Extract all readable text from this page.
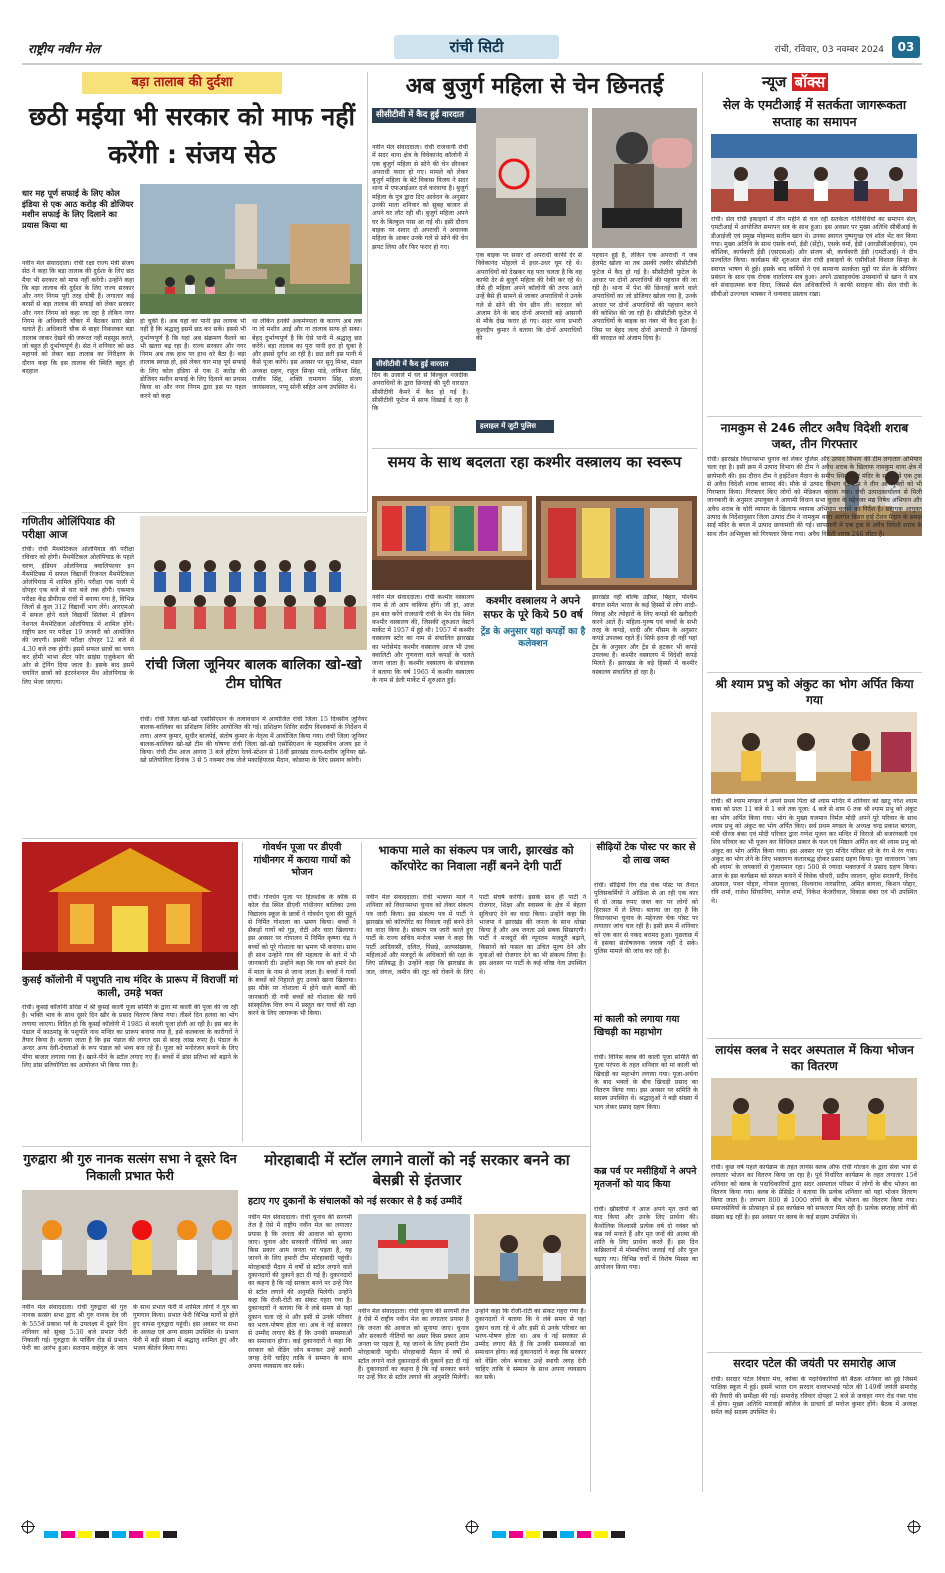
राष्ट्रीय नवीन मेल	रांची सिटी	रांची, रविवार, 03 नवम्बर 2024	03
बड़ा तालाब की दुर्दशा
छठी मईया भी सरकार को माफ नहीं करेंगी : संजय सेठ
धार मह पूर्ण सफाई के लिए कोल इंडिया से एक आठ करोड़ की डोजियर मशीन सफाई के लिए दिलाने का प्रयास किया था
नवीन मेल संवाददाता। रांची रक्षा राज्य मंत्री संजय सेठ ने कहा कि बड़ा तालाब की दुर्दशा के लिए छठ मैया भी सरकार को माफ नहीं करेंगी। उन्होंने कहा कि बड़ा तालाब की दुर्दशा के लिए राज्य सरकार और नगर निगम पूरी तरह दोषी हैं। लगातार कई बरसों से बड़ा तालाब की सफाई को लेकर सरकार और नगर निगम को कहा जा रहा है लेकिन नगर निगम के अधिकारी चौकर में बैठकर सारा खेल चलाते हैं। अधिकारी चौक से बाहर निकलकर बड़ा तालाब जाकर देखने की जरूरत नहीं महसूस करते, जो बहुत ही दुर्भाग्यपूर्ण है। सेठ ने शनिवार को छठ महापर्व को लेकर बड़ा तालाब का निरीक्षण के दौरान कहा कि इस तालाब की स्थिति बहुत ही बदहाल
हो चुकी है। अब यहां का पानी इस लायक भी नहीं है कि श्रद्धालु इसमें छठ कर सकें। इससे भी दुर्भाग्यपूर्ण है कि यहां अब संक्रमण फैलने का भी खतरा बढ़ रहा है। राज्य सरकार और नगर निगम अब तक हाथ पर हाथ धरे बैठा है। बड़ा तालाब स्वच्छ हो, इसे लेकर चार माह पूर्व सफाई के लिए कोल इंडिया से एक 8 करोड़ की डोजियर मशीन सफाई के लिए दिलाने का प्रयास किया था और नगर निगम द्वारा इस पर पहल करने को कहा
था लेकिन इनकी अकर्मण्यता के कारण अब तक ना तो मशीन आई और ना तालाब साफ हो सका। बेहद दुर्भाग्यपूर्ण है कि ऐसे पानी में श्रद्धालु छठ करेंगे। बड़ा तालाब का पूरा पानी हरा हो चुका है और इससे दुर्गंध आ रही है। छठ व्रती इस पानी में कैसे पूजा करेंगे। इस अवसर पर सुनू मिश्रा, मंडल अध्यक्ष ग्रहण, राहुल सिन्हा पांडे, लकिशा सिंह, राजीव सिंह, शक्ति रामायण सिंह, संजय जायसवाल, पप्पू सोनी सहित अन्य उपस्थित थे।
अब बुजुर्ग महिला से चेन छिनतई
सीसीटीवी में कैद हुई वारदात
नवीन मेल संवाददाता। रांची राजधानी रांची में सदर थाना क्षेत्र के विवेकानंद कॉलोनी में एक बुजुर्ग महिला से सोने की चेन छीनकर अपराधी फरार हो गए। मामले को लेकर बुजुर्ग महिला के बेटे विकास विजय ने सदर थाना में एफआईआर दर्ज करवाया है। बुजुर्ग महिला के पुत्र द्वारा दिए आवेदन के अनुसार उनकी माता शनिवार को सुबह बाजार से अपने घर लौट रही थी। बुजुर्ग महिला अपने घर के बिल्कुल पास आ गई थी। इसी दौरान बाइक पर सवार दो अपराधी ने अचानक महिला के आकर उनके गले से सोने की चेन झपट लिया और फिर फरार हो गए।
सीसीटीवी में कैद हुई वारदात
दिन के उजाले में घर से बिल्कुल नजदीक अपराधियों के द्वारा छिनतई की पूरी वारदात सीसीटीवी कैमरे में कैद हो गई है। सीसीटीवी फुटेज में साफ दिखाई दे रहा है कि
एक बाइक पर सवार दो अपराधी काफी देर से विवेकानंद मोहल्ले में इधर-उधर घूम रहे थे। अपराधियों को देखकर यह पता चलता है कि वह काफी देर से बुजुर्ग महिला की रेकी कर रहे थे। जैसे ही महिला अपने कॉलोनी की तरफ आते उन्हें बैसे ही सामने से जाकर अपराधियों ने उनके गले से सोने की चेन छीन ली। वारदात को अंजाम देने के बाद दोनों अपराधी बड़े आसानी से मौके देख फरार हो गए। सदर थाना प्रभारी कुलदीप कुमार ने बताया कि दोनों अपराधियों की
हलाहल में जुटी पुलिस
पहचान हुई है, लेकिन एक अपराधी ने जब हेलमेट खोला था तब उसकी तस्वीर सीसीटीवी फुटेज में कैद हो गई है। सीसीटीवी फुटेज के आधार पर दोनों अपराधियों की पहचान की जा रही है। थाना में पेश की छिनतई करने वाले अपराधियों का जो डोजियर खोला गया है, उनके आधार पर दोनों अपराधियों की पहचान करने की कोशिश की जा रही है। सीसीटीवी फुटेज में अपराधियों के बाइक का नंबर भी कैद हुआ है। जिस पर बेहद जल्द दोनों अपराधी ने छिनतई की वारदात को अंजाम दिया है।
न्यूज बॉक्स
सेल के एमटीआई में सतर्कता जागरूकता सप्ताह का समापन
रांची। सेल रांची इकाइयों में तीन महीने से चल रही सतर्कता गतिविधियों का समापन सेल, एमटीआई में आयोजित समापन सत्र के साथ हुआ। इस अवसर पर मुख्य अतिथि सीबीआई के डीआईजी एवं प्रमुख मोहम्मद सलीम खान थे। उनका स्वागत पुष्पगुच्छ एवं शॉल भेंट कर किया गया। मुख्य अतिथि के साथ एसके वर्मा, ईडी (सेंट्रो), एसके वर्मा, ईडी (आरडीसीआईएस), एम कौशिक, कार्यकारी ईडी (एसएसओ) और संजय श्री, कार्यकारी ईडी (एमटीआई) ने दीप प्रज्वलित किया। कार्यक्रम की शुरुआत सेल रांची इकाइयों के एसीवीओ विशाल सिन्हा के स्वागत भाषण से हुई। इसके बाद कर्मियों ने एवं सामान्य सतर्कता मुद्दों पर सेल के सीनियर प्रबंधन के साथ एक रोचक वार्तालाप सत्र हुआ। अपने उत्साहवर्धक उपस्थानों से खान ने सत्र को संवादात्मक बना दिया, जिससे सेल अधिकारियों ने काफी सराहना की। सेल रांची के सीवीओ उज्ज्वल भास्कर ने धन्यवाद प्रस्ताव रखा।
नामकुम से 246 लीटर अवैध विदेशी शराब जब्त, तीन गिरफ्तार
रांची। झारखंड विधानसभा चुनाव को लेकर पुलिस और उत्पाद विभाग की टीम लगातार अभियान चला रहा है। इसी क्रम में उत्पाद विभाग की टीम ने अवैध शराब के खिलाफ नामकुम थाना क्षेत्र में छापेमारी की। इस दौरान टीम ने हाईटेंशन मैदान के समीप स्थित सहर मंदिर के समीप से एक ट्रक से अवैध विदेशी शराब बरामद की। मौके से उत्पाद विभाग की टीम ने तीन अभियुक्तों को भी गिरफ्तार किया। गिरफ्तार किए लोगों को मेडिकल कराया गया। रांची उत्पादकार्यालय से मिली जानकारी के अनुसार उपायुक्त ने आगामी विधान सभा चुनाव के मद्देनजर मद्य निषेध अभियान और अवैध शराब के चोरी व्यापार के खिलाफ व्यापक अभियान चलाने का निर्देश है। सहायक आयुक्त उत्पाद के निर्देशानुसार जिला उत्पाद टीम ने नामकुम थाना अंतर्गत विद्यत हाई टेंशन मैदान के समक्ष साईं मंदिर के बगल में उत्पाद छापामारी की गई। छापामारी में एक ट्रक से अवैध विदेशी शराब के साथ तीन अभियुक्त को गिरफ्तार किया गया। अवैध विदेशी शराब 246 लीटर है।
श्री श्याम प्रभु को अंकुट का भोग अर्पित किया गया
रांची। श्री श्याम मण्डल ने अपने प्रथम पिता श्री श्याम मन्दिर में शनिवार को खाटू नरेश श्याम बाबा को प्रातः 11 बजे से 1 बजे तक पूजा: 4 बजे से शाम 6 तक श्री श्याम प्रभु को अंकुट का भोग अर्पित किया गया। भोग के मुख्य यजमान निर्मल मोदी अपने पूरे परिवार के साथ श्याम प्रभु को अंकुट का भोग अर्पित किए। सर्व प्रथम मण्डल के अध्यक्ष चन्द्र प्रकाश बागला, मंत्री धीरज बंका एवं मोदी परिवार द्वारा गणेश पूजन कर मन्दिर में विराजे श्री बजरंगबली एवं शिव परिवार का भी पूजन कर विधिवत प्रकार के फल एवं मिष्ठान अर्पित कर श्री श्याम प्रभु को अंकुट का भोग अर्पित किया गया। इस अवसर पर पूरा मन्दिर परिसर हरे के रंग में रंग गया। अंकुट का भोग लेने के लिए भक्तगण कतारबद्ध होकर प्रसाद ग्रहण किया। पूरा वातावरण 'जय श्री श्याम' के जयकारों से गुंजायमान रहा। 500 से ज्यादा भक्तजनों ने प्रसाद ग्रहण किया। आज के इस कार्यक्रम को सफल बनाने में विवेक चौधरी, प्रदीप जालान, सुरेश सरावगी, विनोद अग्रवाल, पवन पोद्दार, गोपाल मुरारका, विश्वनाथ नारसरिया, अमित बागला, किशन पोद्दार, रवि शर्मा, राजेश सिंघानिया, मनोज शर्मा, निकेश केजरीवाल, विकास बंका एवं भी उपस्थित थे।
समय के साथ बदलता रहा कश्मीर वस्त्रालय का स्वरूप
नवीन मेल संवाददाता। रांची कश्मीर वस्त्रालय नाम से तो आप वाकिफ होंगे। जी हां, आज हम बात करेंगे राजधानी रांची के मेन रोड स्थित कश्मीर वस्त्रालय की, जिसकी शुरुआत वेस्टर्न मार्केट में 1957 में हुई थी। 1957 में कश्मीर वस्त्रालय स्टोर का नाम से संचालित झारखंड का भरोसेमंद कश्मीर वस्त्रालय आज भी उच्च क्वालिटी और गुणवत्ता वाले कपड़ों के चलते जाना जाता है। कश्मीर वस्त्रालय के संचालक ने बताया कि वर्ष 1965 में कश्मीर वस्त्रालय के नाम से डेली मार्केट में शुरुआत हुई।
कश्मीर वस्त्रालय ने अपने सफर के पूरे किये 50 वर्ष
ट्रेंड के अनुसार यहां कपड़ों का है कलेक्शन
झारखंड नहीं बल्कि उड़ीसा, बिहार, पश्चिम बंगाल समेत भारत के कई हिस्सों से लोग शादी-विवाह और त्योहारों के लिए कपड़ों की खरीदारी करने आते हैं। महिला-पुरुष एवं बच्चों के सभी तरह के कपड़े, शादी और मौसम के अनुसार कपड़े उपलब्ध रहते हैं। सिर्फ इतना ही नहीं यहां ट्रेंड के अनुसार और ट्रेंड से हटकर भी कपड़े उपलब्ध हैं। कश्मीर वस्त्रालय में विदेशी कपड़े मिलते हैं। झारखंड के बड़े हिस्सों में कश्मीर वस्त्रालय संचालित हो रहा है।
गणितीय ओलिंपियाड की परीक्षा आज
रांची। रांची मैथमेटिकल ओलंपियाड की परीक्षा रविवार को होगी। मैथमेटिकल ओलंपियाड के पहले चरण, इंडियन ओलंपियाड क्वालिफायर इन मैथमेटिक्स में सफल विद्यार्थी रिजनल मैथमेटिकल ओलंपियाड में शामिल होंगे। परीक्षा एक पाली में दोपहर एक बजे से चार बजे तक होगी। एकमात्र परीक्षा केंद्र डीपीएस रांची में बनाया गया है, विभिन्न जिलों से कुल 312 विद्यार्थी भाग लेंगे। आरएमओ में सफल होने वाले विद्यार्थी सितंबर में इंडियन नेशनल मैथमेटिकल ओलंपियाड में शामिल होंगे। राष्ट्रीय स्तर पर परीक्षा 19 जनवरी को आयोजित की जाएगी। इसकी परीक्षा दोपहर 12 बजे से 4.30 बजे तक होगी। इसमें सफल छात्रों का चयन कर होमी भाभा सेंटर फॉर साइंस एजुकेशन की ओर से ट्रेनिंग दिया जाता है। इसके बाद इसमें चयनित छात्रों को इंटरनेशनल मैथ ओलंपियाड के लिए भेजा जाएगा।
रांची जिला जूनियर बालक बालिका खो-खो टीम घोषित
रांची। रांची जिला खो-खो एसोसिएशन के तत्वावधान में आयोजित रांची जिला 15 दिवसीय जूनियर बालक-बालिका का प्रशिक्षण शिविर आयोजित की गई। प्रशिक्षण शिविर सदीप विश्वकर्मा के निर्देशन में लगा। अरुण कुमार, सुधीर बाजपेई, संतोष कुमार के नेतृत्व में आयोजित किया गया। रांची जिला जूनियर बालक-बालिका खो-खो टीम की घोषणा रांची जिला खो-खो एसोसिएशन के महासचिव अजय झा ने किया। रांची टीम आज आगरा 3 बजे हटिया रेलवे-स्टेशन से 18वीं झारखंड राज्य-स्तरीय जूनियर खो-खो प्रतियोगिता दिनांक 3 से 5 नवम्बर तक जेजे मकाहियारस मैदान, कोडरमा के लिए प्रस्थान करेगी।
कुसई कॉलोनी में पशुपति नाथ मंदिर के प्रारूप में विराजीं मां काली, उमड़े भक्त
रांची। कुसई कॉलोनी डोरंडा में श्री कुसई काली पूजा समिति के द्वारा मां काली की पूजा की जा रही है। भक्ति भाव के साथ दूसरे दिन खीर के प्रसाद वितरण किया गया। तीसरे दिन हलवा का भोग लगाया जाएगा। विदित हो कि कुसई कॉलोनी में 1985 से काली पूजा होती आ रही है। इस बार के पंडाल में काठमांडू के पशुपति नाथ मन्दिर का प्रारूप बनाया गया है, इसे कलकत्ता के कारीगरों ने तैयार किया है। बताया जाता है कि इस पंडाल की लागत दस से बारह लाख रुपए है। पंडाल के अन्दर अन्य देवी-देवताओं के रूप पंडाल को भव्य बना रहे हैं। पूजा को मनोरंजन बनाने के लिए मीना बाजार लगाया गया है। खाने-पीने के स्टॉल लगाए गए हैं। बच्चों में डांस प्रतिभा को बढ़ाने के लिए डांस प्रतियोगिता का आयोजन भी किया गया है।
गोवर्धन पूजा पर डीएवी गांधीनगर में कराया गायों को भोजन
रांची। गोवर्धन पूजा पर हिलशोक के कॉके से कोल रोड स्थित डीएवी गांधीनगर बालिका उच्च विद्यालय स्कूल के छात्रों ने गोवर्धन पूजा की मुहूर्त से निर्मित गोशाला का भ्रमण किया। बच्चों ने सैकड़ों गायों को गुड़, रोटी और चारा खिलाया। इस अवसर पर गोपालन में निर्मित कृष्णा चंद्र ने बच्चों को पूरे गोशाला का भ्रमण भी कराया। साथ ही साथ उन्होंने गाय की महत्वता के बारे में भी जानकारी दी। उन्होंने कहा कि गाय को हमारे देश में माता के नाम से जाना जाता है। बच्चों ने गायों के बच्चों को निहारते हुए उनको खाना खिलाया। इस मौके पर गोशाला में होने वाले कार्यों की जानकारी दी गयी बच्चों को गोशाला की गायें सांस्कृतिक वित्त रूप में प्रस्तुत कर गायों की रक्षा करने के लिए जागरूक भी किया।
भाकपा माले का संकल्प पत्र जारी, झारखंड को कॉरपोरेट का निवाला नहीं बनने देगी पार्टी
नवीन मेल संवाददाता। रांची भाकपा माले ने शनिवार को विधानसभा चुनाव को लेकर संकल्प पत्र जारी किया। इस संकल्प पत्र में पार्टी ने झारखंड को कॉरपोरेट का निवाला नहीं बनने देने का वादा किया है। संकल्प पत्र जारी करते हुए पार्टी के राज्य सचिव मनोज भक्त ने कहा कि पार्टी आदिवासी, दलित, पिछड़े, अल्पसंख्यक, महिलाओं और मजदूरों के अधिकारों की रक्षा के लिए प्रतिबद्ध है। उन्होंने कहा कि झारखंड के जल, जंगल, जमीन की लूट को रोकने के लिए पार्टी संघर्ष करेगी। इसके साथ ही पार्टी ने रोजगार, शिक्षा और स्वास्थ्य के क्षेत्र में बेहतर सुविधाएं देने का वादा किया। उन्होंने कहा कि भाजपा ने झारखंड की जनता के साथ धोखा किया है और अब जनता उसे सबक सिखाएगी। पार्टी ने मजदूरों की न्यूनतम मजदूरी बढ़ाने, किसानों को फसल का उचित मूल्य देने और युवाओं को रोजगार देने का भी संकल्प लिया है। इस अवसर पर पार्टी के कई वरिष्ठ नेता उपस्थित थे।
सीढ़ियों टेक पोस्ट पर कार से दो लाख जब्त
रांची। सीढ़ियों रिंग रोड चेक पोस्ट पर तैनात पुलिसकर्मियों ने ओडिशा से आ रही एक कार से दो लाख रुपए जब्त कर पर लोगों को हिरासत में ले लिया। बताया जा रहा है कि विधानसभा चुनाव के मद्देनजर चेक पोस्ट पर लगातार जांच चल रही है। इसी क्रम में शनिवार को एक कार से नकद बरामद हुआ। पूछताछ में वे इसका संतोषजनक जवाब नहीं दे सके। पुलिस मामले की जांच कर रही है।
मां काली को लगाया गया खिचड़ी का महाभोग
रांची। विनिंस क्लब की काली पूजा समिति की पूजा परंपरा के तहत शनिवार को मां काली को खिचड़ी का महाभोग लगाया गया। पूजा-अर्चना के बाद भक्तों के बीच खिचड़ी प्रसाद का वितरण किया गया। इस अवसर पर समिति के सदस्य उपस्थित थे। श्रद्धालुओं ने बड़ी संख्या में भाग लेकर प्रसाद ग्रहण किया।
कब्र पर्व पर मसीहियों ने अपने मृतजनों को याद किया
रांची। ख्रीस्तीयों ने आज अपने मृत जनों को याद किया और उनके लिए प्रार्थना की। कैथोलिक विश्वासी प्रत्येक वर्ष दो नवंबर को कब्र पर्व मनाते हैं और मृत जनों की आत्मा की शांति के लिए प्रार्थना करते हैं। इस दिन कब्रिस्तानों में मोमबत्तियां जलाई गईं और फूल चढ़ाए गए। विभिन्न चर्चों में विशेष मिस्सा का आयोजन किया गया।
लायंस क्लब ने सदर अस्पताल में किया भोजन का वितरण
रांची। कुछ वर्ष पहले कार्यक्रम के तहत लायंस क्लब ऑफ रांची गोल्डन के द्वारा सेवा भाव से लगातार भोजन का वितरण किया जा रहा है। पूर्व निर्धारित कार्यक्रम के तहत लगातार 15वें शनिवार को क्लब के पदाधिकारियों द्वारा सदर अस्पताल परिसर में लोगों के बीच भोजन का वितरण किया गया। क्लब के प्रेसिडेंट ने बताया कि प्रत्येक शनिवार को यहां भोजन वितरण किया जाता है। लगभग 800 से 1000 लोगों के बीच भोजन का वितरण किया गया। समाजसेवियों के प्रोत्साहन से इस कार्यक्रम को सफलता मिल रही है। प्रत्येक सप्ताह लोगों की संख्या बढ़ रही है। इस अवसर पर क्लब के कई सदस्य उपस्थित थे।
सरदार पटेल की जयंती पर समारोह आज
रांची। सरदार पटेल विचार मंच, कोंका के पदाधिकारियों की बैठक शनिवार को हुई जिसमें पाक्षिक स्कूल में हुई। इसमें भारत रत्न सरदार वल्लभभाई पटेल की 149वीं जयंती समारोह की तैयारी की समीक्षा की गई। समारोह रविवार दोपहर 2 बजे से जवाहर नगर रोड नंबर पांच में होगा। मुख्य अतिथि मारवाड़ी कॉलेज के प्राचार्य डॉ मनोज कुमार होंगे। बैठक में अध्यक्ष समेत कई सदस्य उपस्थित थे।
गुरुद्वारा श्री गुरु नानक सत्संग सभा ने दूसरे दिन निकाली प्रभात फेरी
नवीन मेल संवाददाता। रांची गुरुद्वारा श्री गुरु नानक सत्संग सभा द्वारा श्री गुरु नानक देव जी के 555वें प्रकाश पर्व के उपलक्ष्य में दूसरे दिन शनिवार को सुबह 5:30 बजे प्रभात फेरी निकाली गई। गुरुद्वारा के पार्किंग रोड से प्रभात फेरी का आरंभ हुआ। सतनाम वाहेगुरु के जाप के साथ प्रभात फेरी में शामिल लोगों ने गुरु का गुणगान किया। प्रभात फेरी विभिन्न मार्गों से होते हुए वापस गुरुद्वारा पहुंची। इस अवसर पर सभा के अध्यक्ष एवं अन्य सदस्य उपस्थित थे। प्रभात फेरी में बड़ी संख्या में श्रद्धालु शामिल हुए और भजन कीर्तन किया गया।
मोरहाबादी में स्टॉल लगाने वालों को नई सरकार बनने का बेसब्री से इंतजार
हटाए गए दुकानों के संचालकों को नई सरकार से है कई उम्मीदें
नवीन मेल संवाददाता। रांची चुनाव की सरगर्मी तेज है ऐसे में राष्ट्रीय नवीन मेल का लगातार प्रयास है कि जनता की आवाज को सुनाया जाए। चुनाव और सरकारी नीतियों का असर किस प्रकार आम जनता पर पड़ता है, यह जानने के लिए हमारी टीम मोरहाबादी पहुंची। मोरहाबादी मैदान में वर्षों से स्टॉल लगाने वाले दुकानदारों की दुकानें हटा दी गई हैं। दुकानदारों का कहना है कि नई सरकार बनने पर उन्हें फिर से स्टॉल लगाने की अनुमति मिलेगी। उन्होंने कहा कि रोजी-रोटी का संकट गहरा गया है। दुकानदारों ने बताया कि वे लंबे समय से यहां दुकान चला रहे थे और इसी से उनके परिवार का भरण-पोषण होता था। अब वे नई सरकार से उम्मीद लगाए बैठे हैं कि उनकी समस्याओं का समाधान होगा। कई दुकानदारों ने कहा कि सरकार को वेंडिंग जोन बनाकर उन्हें स्थायी जगह देनी चाहिए ताकि वे सम्मान के साथ अपना व्यवसाय कर सकें।
नवीन मेल संवाददाता। रांची चुनाव की सरगर्मी तेज है ऐसे में राष्ट्रीय नवीन मेल का लगातार प्रयास है कि जनता की आवाज को सुनाया जाए। चुनाव और सरकारी नीतियों का असर किस प्रकार आम जनता पर पड़ता है, यह जानने के लिए हमारी टीम मोरहाबादी पहुंची। मोरहाबादी मैदान में वर्षों से स्टॉल लगाने वाले दुकानदारों की दुकानें हटा दी गई हैं। दुकानदारों का कहना है कि नई सरकार बनने पर उन्हें फिर से स्टॉल लगाने की अनुमति मिलेगी। उन्होंने कहा कि रोजी-रोटी का संकट गहरा गया है। दुकानदारों ने बताया कि वे लंबे समय से यहां दुकान चला रहे थे और इसी से उनके परिवार का भरण-पोषण होता था। अब वे नई सरकार से उम्मीद लगाए बैठे हैं कि उनकी समस्याओं का समाधान होगा। कई दुकानदारों ने कहा कि सरकार को वेंडिंग जोन बनाकर उन्हें स्थायी जगह देनी चाहिए ताकि वे सम्मान के साथ अपना व्यवसाय कर सकें।
